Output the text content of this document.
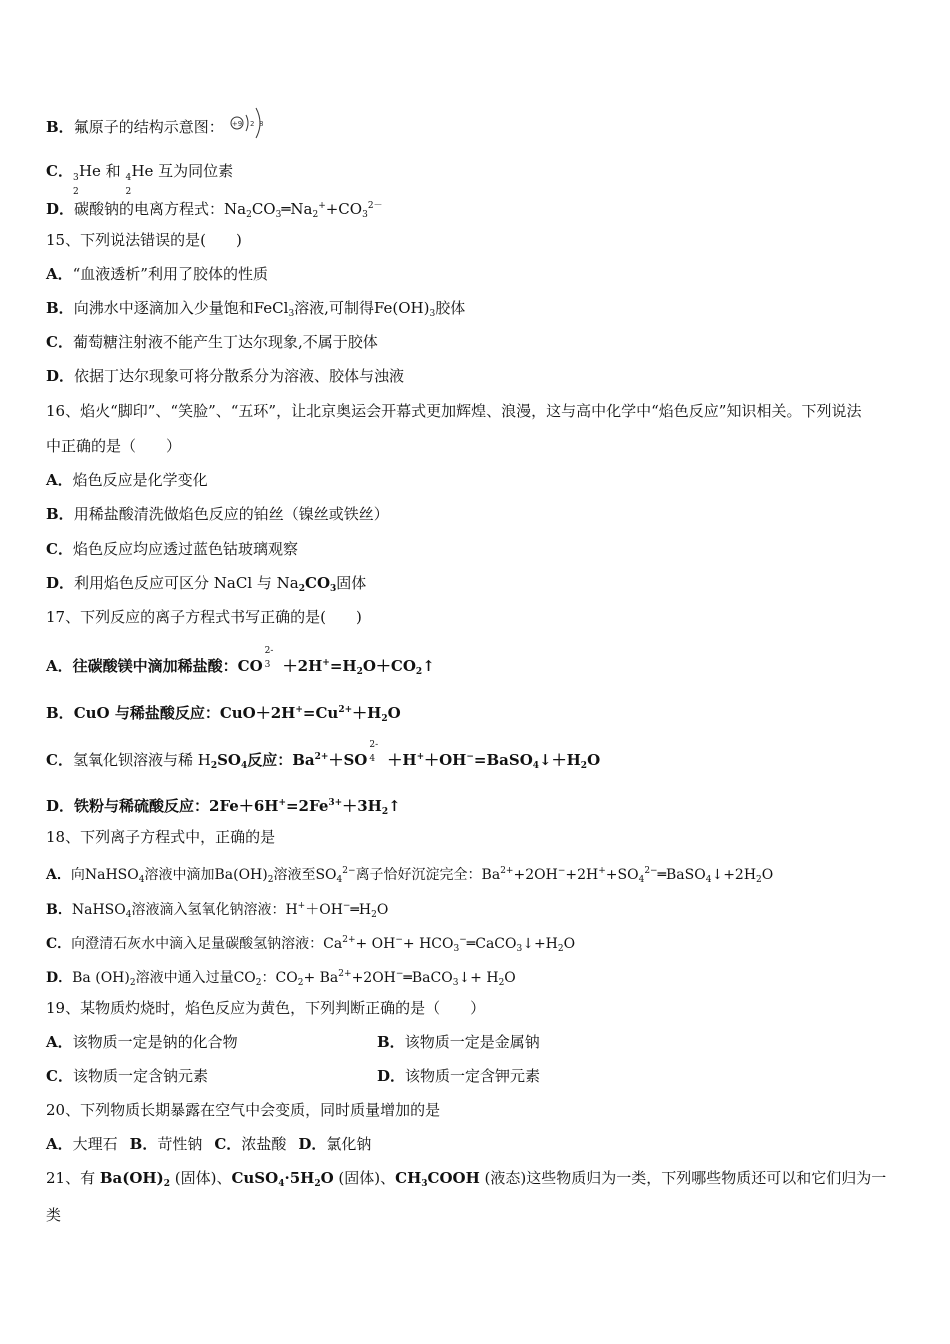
B．氟原子的结构示意图： +9 2 8
C． 3
2
He 和 4
2
He 互为同位素
D．碳酸钠的电离方程式：$Na_2CO_3═Na_2^++CO_3^{2-}$
15、下列说法错误的是(　　)
A．“血液透析”利用了胶体的性质
B．向沸水中逐滴加入少量饱和FeCl$_3$溶液,可制得$Fe(OH)_3$胶体
C．葡萄糖注射液不能产生丁达尔现象,不属于胶体
D．依据丁达尔现象可将分散系分为溶液、胶体与浊液
16、焰火“脚印”、“笑脸”、“五环”，让北京奥运会开幕式更加辉煌、浪漫，这与高中化学中“焰色反应”知识相关。下列说法
中正确的是（　　）
A．焰色反应是化学变化
B．用稀盐酸清洗做焰色反应的铂丝（镍丝或铁丝）
C．焰色反应均应透过蓝色钴玻璃观察
D．利用焰色反应可区分 NaCl 与 $Na_2CO_3$固体
17、下列反应的离子方程式书写正确的是(　　)
A．往碳酸镁中滴加稀盐酸：CO
2-
$3 +2H^+=H_2O+CO_2↑$
B．CuO 与稀盐酸反应：$CuO+2H^+=Cu^{2+}+H_2O$
C．氢氧化钡溶液与稀 $H_2SO_4$反应：$Ba^{2+}+SO$
2-
$4 +H^++OH^-=BaSO_4↓+H_2O$
D．铁粉与稀硫酸反应：$2Fe+6H^+=2Fe^{3+}+3H_2↑$
18、下列离子方程式中，正确的是
A．向NaHSO$_4$溶液中滴加$Ba(OH)_2$溶液至$SO_4^{2-}$离子恰好沉淀完全：$Ba^{2+}+2OH^-+2H^++SO_4^{2-}═BaSO_4↓+2H_2O$
B．NaHSO$_4$溶液滴入氢氧化钠溶液：$H^++OH^-═H_2O$
C．向澄清石灰水中滴入足量碳酸氢钠溶液：$Ca^{2+}+ OH^-+$ $HCO_3^-═CaCO_3↓+H_2O$
D．Ba $(OH)_2$溶液中通入过量$CO_2$：$CO_2+$ $Ba^{2+}+2OH^-═BaCO_3↓+ H_2O$
19、某物质灼烧时，焰色反应为黄色，下列判断正确的是（　　）
A．该物质一定是钠的化合物	B．该物质一定是金属钠
C．该物质一定含钠元素	D．该物质一定含钾元素
20、下列物质长期暴露在空气中会变质，同时质量增加的是
A．大理石 B．苛性钠 C．浓盐酸 D．氯化钠
21、有 $Ba(OH)_2$ (固体)、$CuSO_4\cdot 5H_2O$ (固体)、$CH_3COOH$ (液态)这些物质归为一类，下列哪些物质还可以和它们归为一
类
